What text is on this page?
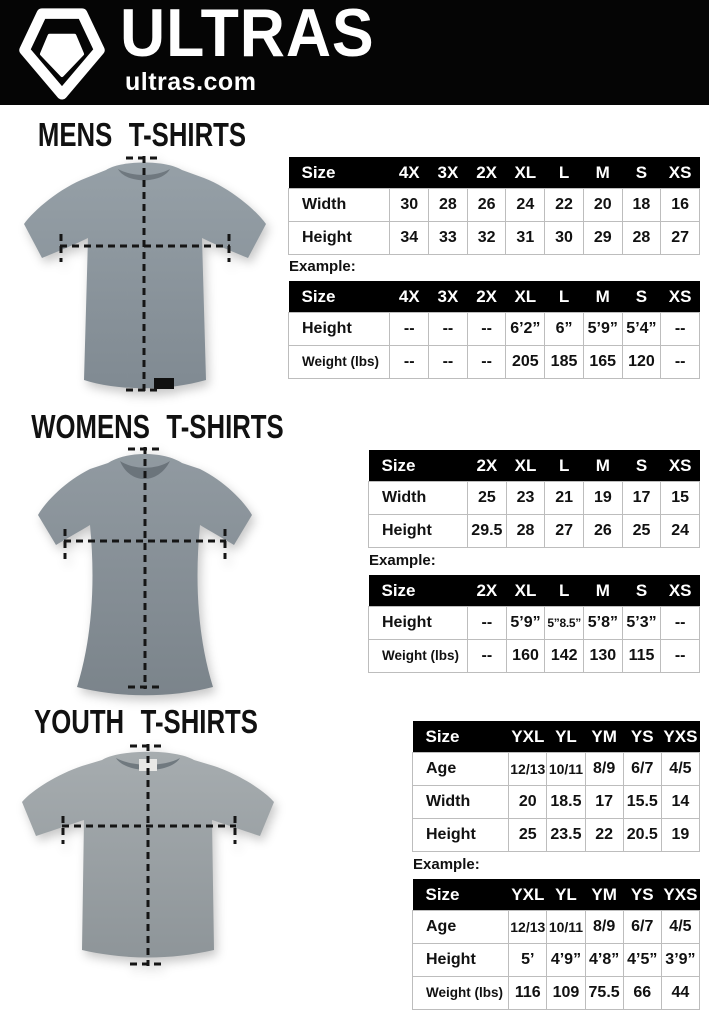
ULTRAS
ultras.com
MENS T-SHIRTS
Size	4X	3X	2X	XL	L	M	S	XS
Width	30	28	26	24	22	20	18	16
Height	34	33	32	31	30	29	28	27
Example:
Size	4X	3X	2X	XL	L	M	S	XS
Height	--	--	--	6’2”	6”	5’9”	5’4”	--
Weight (lbs)	--	--	--	205	185	165	120	--
WOMENS T-SHIRTS
Size	2X	XL	L	M	S	XS
Width	25	23	21	19	17	15
Height	29.5	28	27	26	25	24
Example:
Size	2X	XL	L	M	S	XS
Height	--	5’9”	5”8.5”	5’8”	5’3”	--
Weight (lbs)	--	160	142	130	115	--
YOUTH T-SHIRTS	Size	YXL	YL	YM	YS	YXS
Age	12/13	10/11	8/9	6/7	4/5
Width	20	18.5	17	15.5	14
Height	25	23.5	22	20.5	19
Example:
Size	YXL	YL	YM	YS	YXS
Age	12/13	10/11	8/9	6/7	4/5
Height	5’	4’9”	4’8”	4’5”	3’9”
Weight (lbs)	116	109	75.5	66	44
